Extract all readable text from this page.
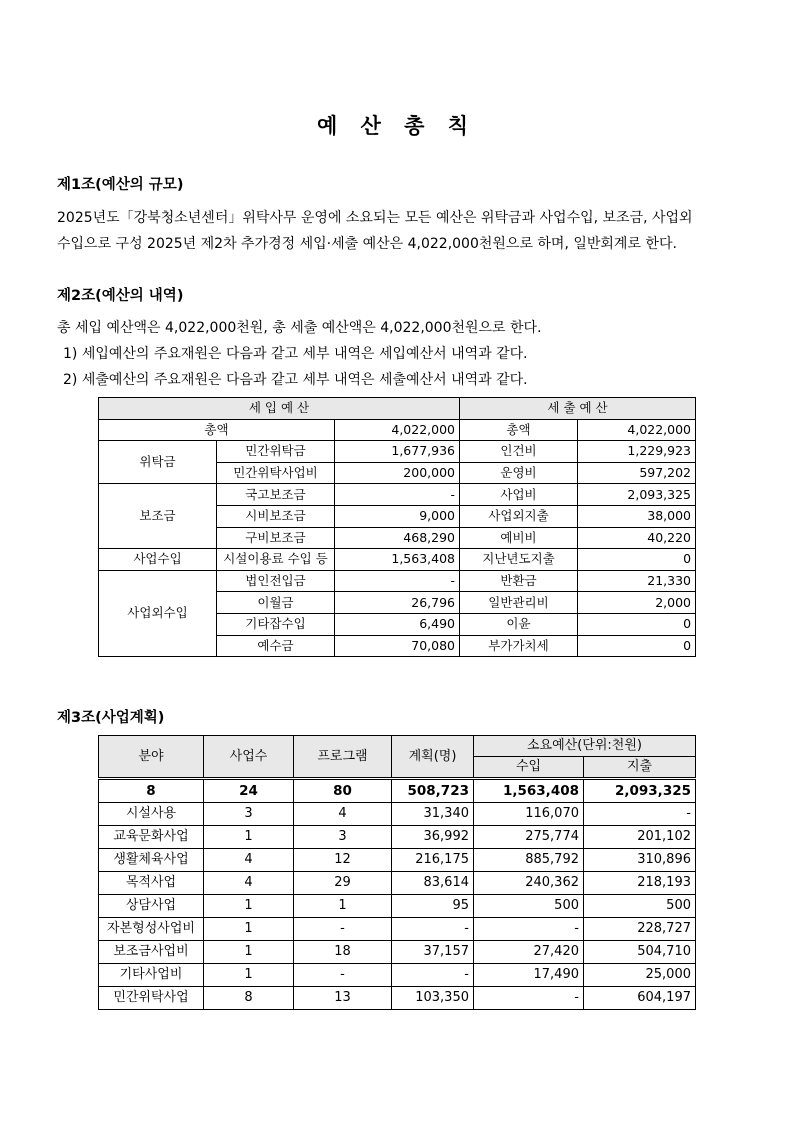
예 산 총 칙
제1조(예산의 규모)
2025년도「강북청소년센터」위탁사무 운영에 소요되는 모든 예산은 위탁금과 사업수입, 보조금, 사업외
수입으로 구성 2025년 제2차 추가경정 세입·세출 예산은 4,022,000천원으로 하며, 일반회계로 한다.
제2조(예산의 내역)
총 세입 예산액은 4,022,000천원, 총 세출 예산액은 4,022,000천원으로 한다.
1) 세입예산의 주요재원은 다음과 같고 세부 내역은 세입예산서 내역과 같다.
2) 세출예산의 주요재원은 다음과 같고 세부 내역은 세출예산서 내역과 같다.
세 입 예 산			세 출 예 산	
총액		4,022,000	총액	4,022,000
위탁금	민간위탁금	1,677,936	인건비	1,229,923
	민간위탁사업비	200,000	운영비	597,202
보조금	국고보조금	-	사업비	2,093,325
	시비보조금	9,000	사업외지출	38,000
	구비보조금	468,290	예비비	40,220
사업수입	시설이용료 수입 등	1,563,408	지난년도지출	0
사업외수입	법인전입금	-	반환금	21,330
	이월금	26,796	일반관리비	2,000
	기타잡수입	6,490	이윤	0
	예수금	70,080	부가가치세	0
제3조(사업계획)
분야	사업수	프로그램	계획(명)	소요예산(단위:천원)	
				수입	지출
8	24	80	508,723	1,563,408	2,093,325
시설사용	3	4	31,340	116,070	-
교육문화사업	1	3	36,992	275,774	201,102
생활체육사업	4	12	216,175	885,792	310,896
목적사업	4	29	83,614	240,362	218,193
상담사업	1	1	95	500	500
자본형성사업비	1	-	-	-	228,727
보조금사업비	1	18	37,157	27,420	504,710
기타사업비	1	-	-	17,490	25,000
민간위탁사업	8	13	103,350	-	604,197
